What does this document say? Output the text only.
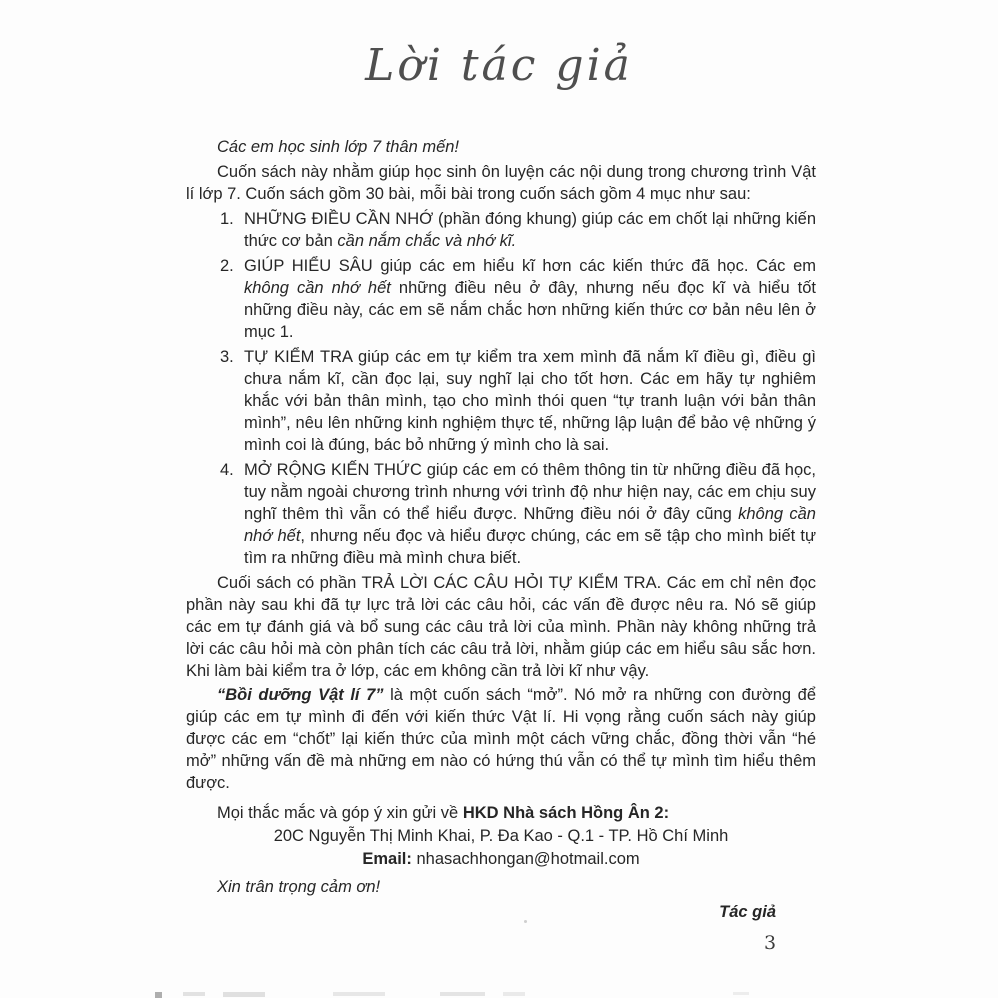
Lời tác giả
Các em học sinh lớp 7 thân mến!
Cuốn sách này nhằm giúp học sinh ôn luyện các nội dung trong chương trình Vật lí lớp 7. Cuốn sách gồm 30 bài, mỗi bài trong cuốn sách gồm 4 mục như sau:
1. NHỮNG ĐIỀU CẦN NHỚ (phần đóng khung) giúp các em chốt lại những kiến thức cơ bản cần nắm chắc và nhớ kĩ.
2. GIÚP HIỂU SÂU giúp các em hiểu kĩ hơn các kiến thức đã học. Các em không cần nhớ hết những điều nêu ở đây, nhưng nếu đọc kĩ và hiểu tốt những điều này, các em sẽ nắm chắc hơn những kiến thức cơ bản nêu lên ở mục 1.
3. TỰ KIỂM TRA giúp các em tự kiểm tra xem mình đã nắm kĩ điều gì, điều gì chưa nắm kĩ, cần đọc lại, suy nghĩ lại cho tốt hơn. Các em hãy tự nghiêm khắc với bản thân mình, tạo cho mình thói quen “tự tranh luận với bản thân mình”, nêu lên những kinh nghiệm thực tế, những lập luận để bảo vệ những ý mình coi là đúng, bác bỏ những ý mình cho là sai.
4. MỞ RỘNG KIẾN THỨC giúp các em có thêm thông tin từ những điều đã học, tuy nằm ngoài chương trình nhưng với trình độ như hiện nay, các em chịu suy nghĩ thêm thì vẫn có thể hiểu được. Những điều nói ở đây cũng không cần nhớ hết, nhưng nếu đọc và hiểu được chúng, các em sẽ tập cho mình biết tự tìm ra những điều mà mình chưa biết.
Cuối sách có phần TRẢ LỜI CÁC CÂU HỎI TỰ KIỂM TRA. Các em chỉ nên đọc phần này sau khi đã tự lực trả lời các câu hỏi, các vấn đề được nêu ra. Nó sẽ giúp các em tự đánh giá và bổ sung các câu trả lời của mình. Phần này không những trả lời các câu hỏi mà còn phân tích các câu trả lời, nhằm giúp các em hiểu sâu sắc hơn. Khi làm bài kiểm tra ở lớp, các em không cần trả lời kĩ như vậy.
“Bồi dưỡng Vật lí 7” là một cuốn sách “mở”. Nó mở ra những con đường để giúp các em tự mình đi đến với kiến thức Vật lí. Hi vọng rằng cuốn sách này giúp được các em “chốt” lại kiến thức của mình một cách vững chắc, đồng thời vẫn “hé mở” những vấn đề mà những em nào có hứng thú vẫn có thể tự mình tìm hiểu thêm được.
Mọi thắc mắc và góp ý xin gửi về HKD Nhà sách Hồng Ân 2:
20C Nguyễn Thị Minh Khai, P. Đa Kao - Q.1 - TP. Hồ Chí Minh
Email: nhasachhongan@hotmail.com
Xin trân trọng cảm ơn!
Tác giả
3
